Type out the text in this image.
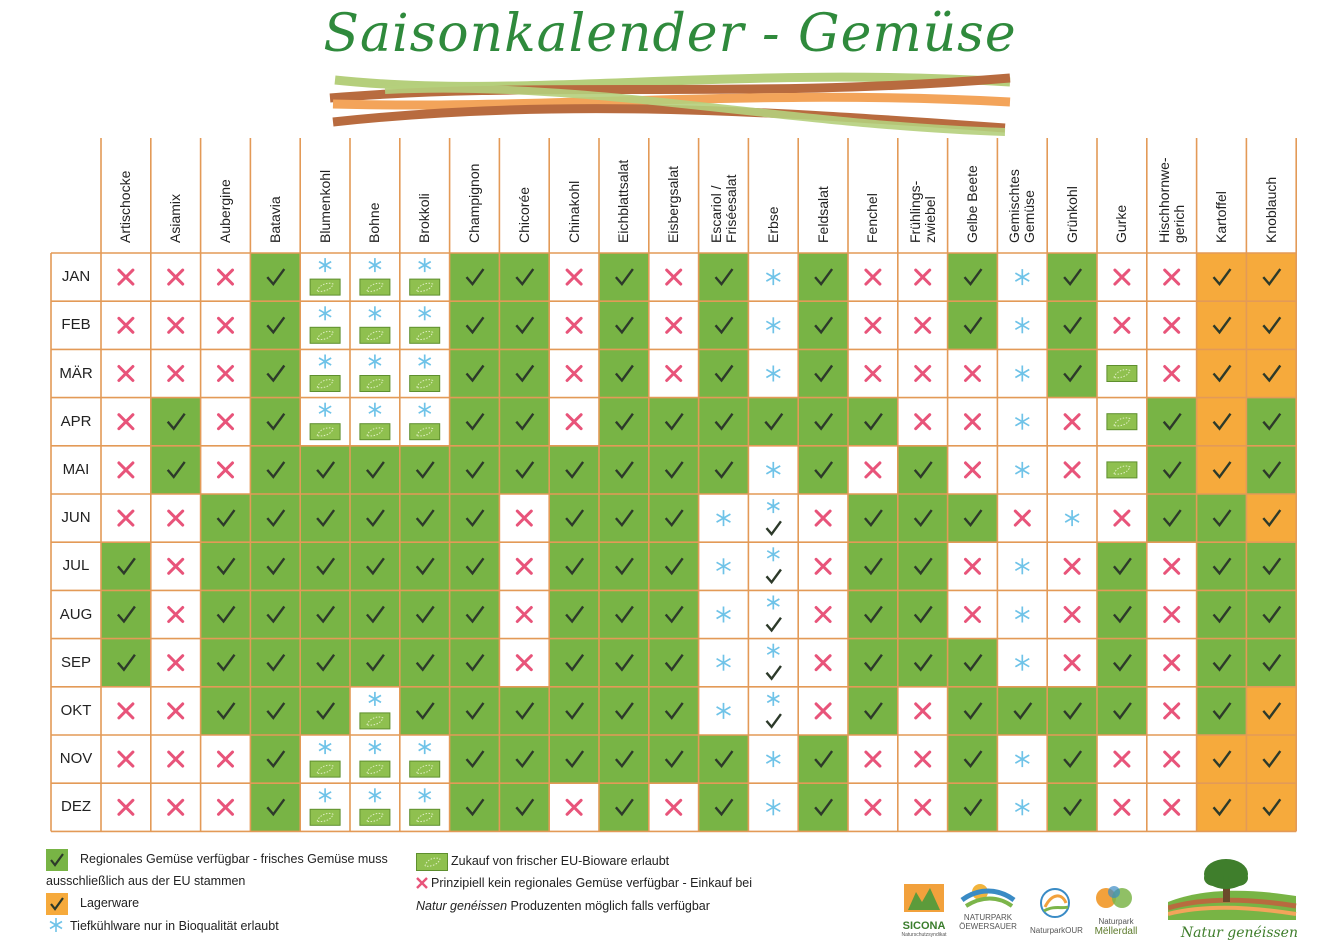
Saisonkalender - Gemüse
Artischocke Asiamix Aubergine Batavia Blumenkohl Bohne Brokkoli Champignon Chicorée Chinakohl Eichblattsalat Eisbergsalat Escariol / Friséesalat Erbse Feldsalat Fenchel Frühlings- zwiebel Gelbe Beete Gemischtes Gemüse Grünkohl Gurke Hischhornwe- gerich Kartoffel Knoblauch
JAN
FEB
MÄR
APR
MAI
JUN
JUL
AUG
SEP
OKT
NOV
DEZ
Regionales Gemüse verfügbar - frisches Gemüse muss
ausschließlich aus der EU stammen
Lagerware
Tiefkühlware nur in Bioqualität erlaubt
Zukauf von frischer EU-Bioware erlaubt
Prinzipiell kein regionales Gemüse verfügbar - Einkauf bei
Natur genéissen Produzenten möglich falls verfügbar
SICONA
Naturschutzsyndikat
NATURPARK
ÖEWERSAUER NaturparkOUR
Naturpark
Mëllerdall	Natur genéissen
